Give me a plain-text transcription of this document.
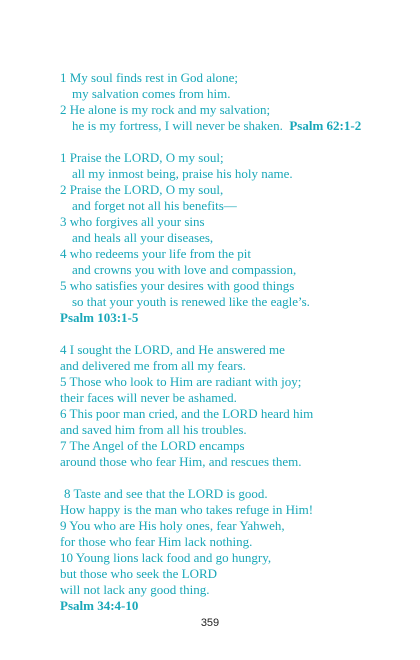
1 My soul finds rest in God alone;
my salvation comes from him.
2 He alone is my rock and my salvation;
he is my fortress, I will never be shaken. Psalm 62:1-2
1 Praise the LORD, O my soul;
all my inmost being, praise his holy name.
2 Praise the LORD, O my soul,
and forget not all his benefits—
3 who forgives all your sins
and heals all your diseases,
4 who redeems your life from the pit
and crowns you with love and compassion,
5 who satisfies your desires with good things
so that your youth is renewed like the eagle’s.
Psalm 103:1-5
4 I sought the LORD, and He answered me
and delivered me from all my fears.
5 Those who look to Him are radiant with joy;
their faces will never be ashamed.
6 This poor man cried, and the LORD heard him
and saved him from all his troubles.
7 The Angel of the LORD encamps
around those who fear Him, and rescues them.
8 Taste and see that the LORD is good.
How happy is the man who takes refuge in Him!
9 You who are His holy ones, fear Yahweh,
for those who fear Him lack nothing.
10 Young lions lack food and go hungry,
but those who seek the LORD
will not lack any good thing.
Psalm 34:4-10
359
